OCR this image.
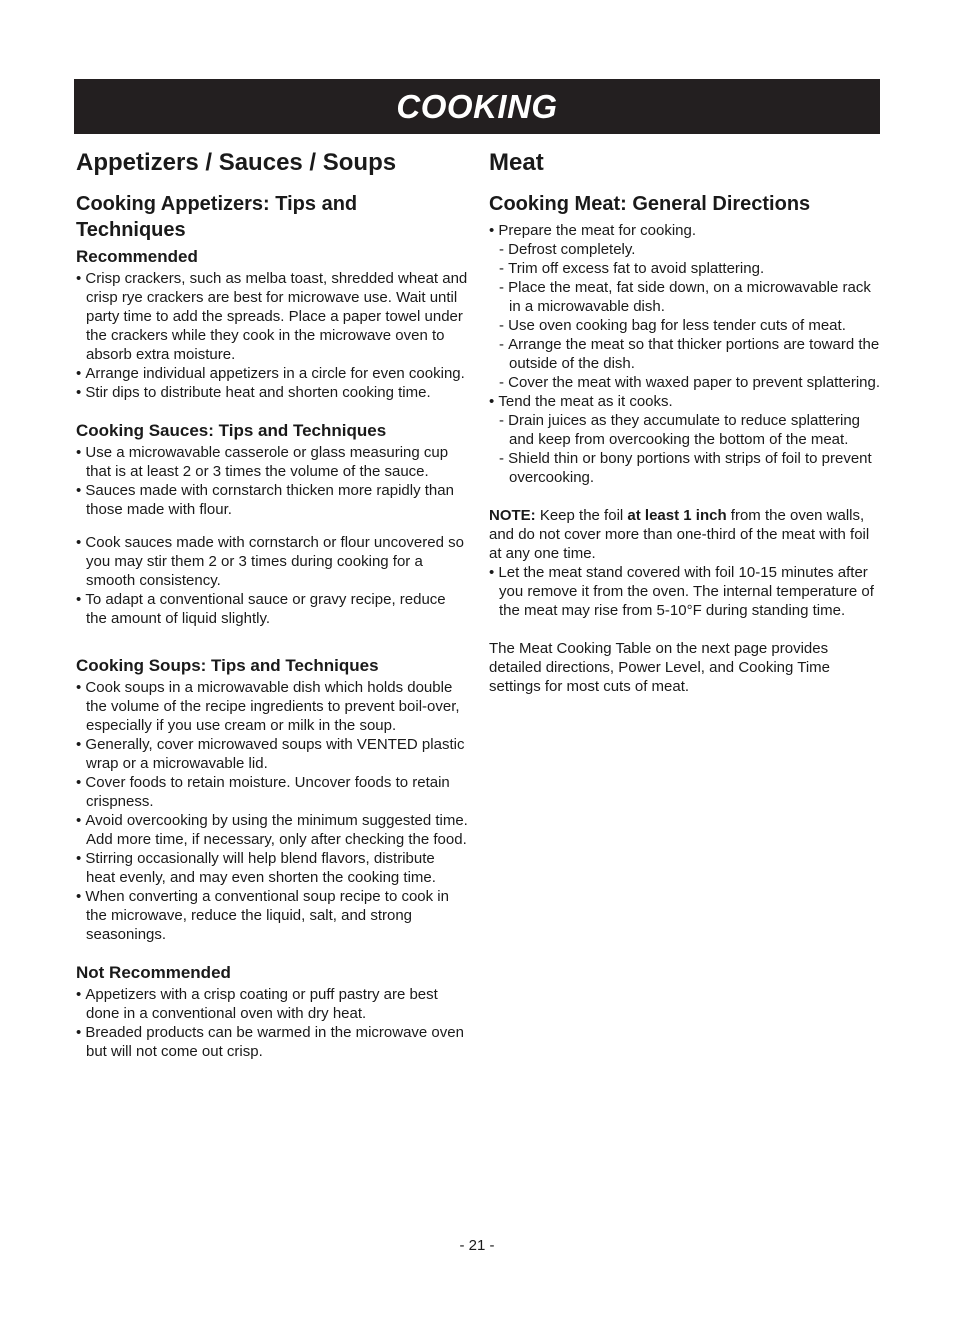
COOKING
Appetizers / Sauces / Soups
Cooking Appetizers: Tips and Techniques
Recommended
• Crisp crackers, such as melba toast, shredded wheat and crisp rye crackers are best for microwave use. Wait until party time to add the spreads. Place a paper towel under the crackers while they cook in the microwave oven to absorb extra moisture.
• Arrange individual appetizers in a circle for even cooking.
• Stir dips to distribute heat and shorten cooking time.
Cooking Sauces: Tips and Techniques
• Use a microwavable casserole or glass measuring cup that is at least 2 or 3 times the volume of the sauce.
• Sauces made with cornstarch thicken more rapidly than those made with flour.
• Cook sauces made with cornstarch or flour uncovered so you may stir them 2 or 3 times during cooking for a smooth consistency.
• To adapt a conventional sauce or gravy recipe, reduce the amount of liquid slightly.
Cooking Soups: Tips and Techniques
• Cook soups in a microwavable dish which holds double the volume of the recipe ingredients to prevent boil-over, especially if you use cream or milk in the soup.
• Generally, cover microwaved soups with VENTED plastic wrap or a microwavable lid.
• Cover foods to retain moisture. Uncover foods to retain crispness.
• Avoid overcooking by using the minimum suggested time. Add more time, if necessary, only after checking the food.
• Stirring occasionally will help blend flavors, distribute heat evenly, and may even shorten the cooking time.
• When converting a conventional soup recipe to cook in the microwave, reduce the liquid, salt, and strong seasonings.
Not Recommended
• Appetizers with a crisp coating or puff pastry are best done in a conventional oven with dry heat.
• Breaded products can be warmed in the microwave oven but will not come out crisp.
Meat
Cooking Meat: General Directions
• Prepare the meat for cooking.
- Defrost completely.
- Trim off excess fat to avoid splattering.
- Place the meat, fat side down, on a microwavable rack in a microwavable dish.
- Use oven cooking bag for less tender cuts of meat.
- Arrange the meat so that thicker portions are toward the outside of the dish.
- Cover the meat with waxed paper to prevent splattering.
• Tend the meat as it cooks.
- Drain juices as they accumulate to reduce splattering and keep from overcooking the bottom of the meat.
- Shield thin or bony portions with strips of foil to prevent overcooking.

NOTE: Keep the foil at least 1 inch from the oven walls, and do not cover more than one-third of the meat with foil at any one time.

• Let the meat stand covered with foil 10-15 minutes after you remove it from the oven. The internal temperature of the meat may rise from 5-10°F during standing time.

The Meat Cooking Table on the next page provides detailed directions, Power Level, and Cooking Time settings for most cuts of meat.

- 21 -
